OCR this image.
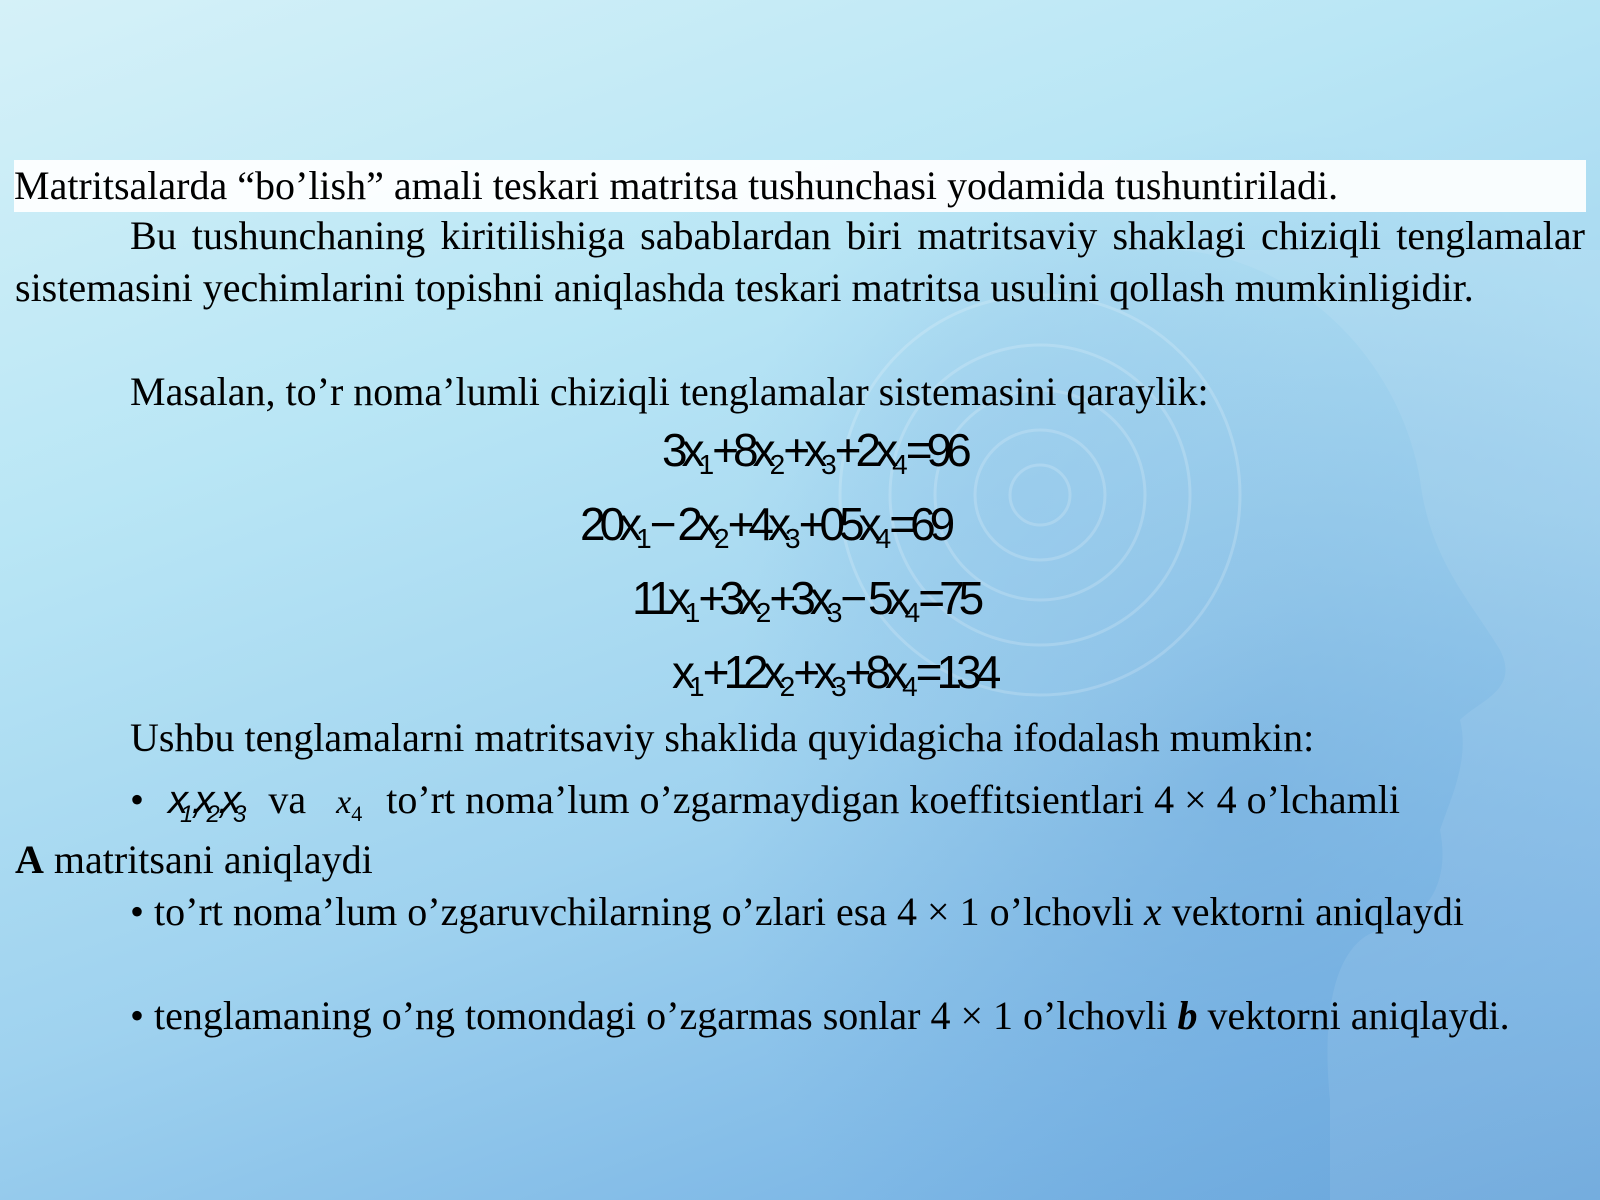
Matritsalarda “bo’lish” amali teskari matritsa tushunchasi yodamida tushuntiriladi.
Bu tushunchaning kiritilishiga sabablardan biri matritsaviy shaklagi chiziqli tenglamalar sistemasini yechimlarini topishni aniqlashda teskari matritsa usulini qollash mumkinligidir.
Masalan, to’r noma’lumli chiziqli tenglamalar sistemasini qaraylik:
$3x_1+8x_2+x_3+2x_4=96$
$20x_1- 2x_2+4x_3+05x_4=69$
$11x_1+3x_2+3x_3- 5x_4=75$
$x_1+12x_2+x_3+8x_4=134$
Ushbu tenglamalarni matritsaviy shaklida quyidagicha ifodalash mumkin:
• $x_1,x_2,x_3$ va $x_4$ to’rt noma’lum o’zgarmaydigan koeffitsientlari 4 × 4 o’lchamli
A matritsani aniqlaydi
• to’rt noma’lum o’zgaruvchilarning o’zlari esa 4 × 1 o’lchovli x vektorni aniqlaydi
• tenglamaning o’ng tomondagi o’zgarmas sonlar 4 × 1 o’lchovli b vektorni aniqlaydi.
